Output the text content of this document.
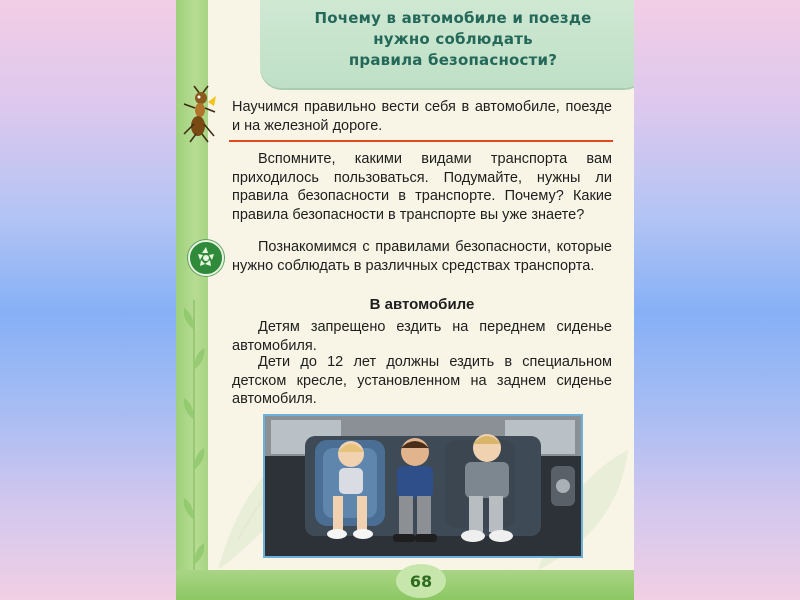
Почему в автомобиле и поезде
нужно соблюдать
правила безопасности?
68
Научимся правильно вести себя в автомобиле, поезде и на железной дороге.
Вспомните, какими видами транспорта вам приходилось пользоваться. Подумайте, нужны ли правила безопасности в транспорте. Почему? Какие правила безопасности в транспорте вы уже знаете?
Познакомимся с правилами безопасности, которые нужно соблюдать в различных средствах транспорта.
В автомобиле
Детям запрещено ездить на переднем сиденье автомобиля.
Дети до 12 лет должны ездить в специальном детском кресле, установленном на заднем сиденье автомобиля.
